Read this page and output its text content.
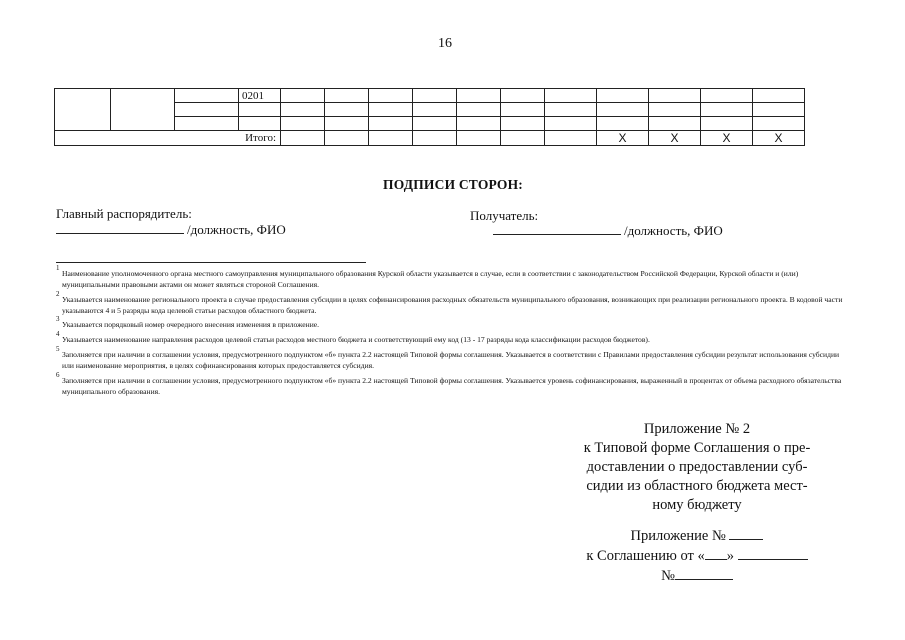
16
			0201											

Итого:											X	X	X	X
ПОДПИСИ СТОРОН:
Главный распорядитель:
/должность, ФИО
Получатель:
/должность, ФИО
1
Наименование уполномоченного органа местного самоуправления муниципального образования Курской области указывается в случае, если в соответствии с законодательством Российской Федерации, Курской области и (или) муниципальными правовыми актами он может являться стороной Соглашения.
2
Указывается наименование регионального проекта в случае предоставления субсидии в целях софинансирования расходных обязательств муниципального образования, возникающих при реализации регионального проекта. В кодовой части указываются 4 и 5 разряды кода целевой статьи расходов областного бюджета.
3
Указывается порядковый номер очередного внесения изменения в приложение.
4
Указывается наименование направления расходов целевой статьи расходов местного бюджета и соответствующий ему код (13 - 17 разряды кода классификации расходов бюджетов).
5
Заполняется при наличии в соглашении условия, предусмотренного подпунктом «б» пункта 2.2 настоящей Типовой формы соглашения. Указывается в соответствии с Правилами предоставления субсидии результат использования субсидии или наименование мероприятия, в целях софинансирования которых предоставляется субсидия.
6
Заполняется при наличии в соглашении условия, предусмотренного подпунктом «б» пункта 2.2 настоящей Типовой формы соглашения. Указывается уровень софинансирования, выраженный в процентах от объема расходного обязательства муниципального образования.
Приложение № 2
к Типовой форме Соглашения о пре-
доставлении о предоставлении суб-
сидии из областного бюджета мест-
ному бюджету
Приложение №
к Соглашению от « »
№
